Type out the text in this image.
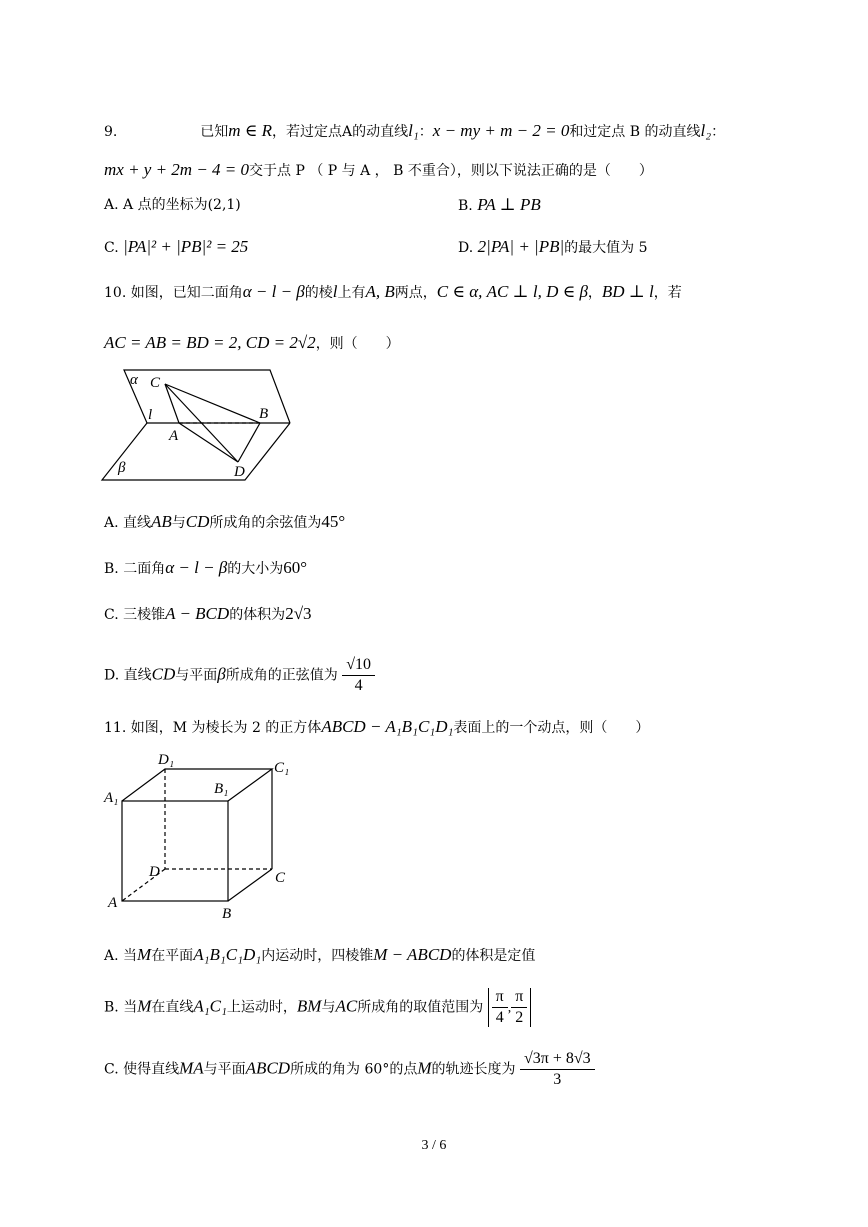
9.	已知m ∈ R，若过定点A的动直线l₁：x − my + m − 2 = 0和过定点 B 的动直线l₂：
mx + y + 2m − 4 = 0交于点 P （ P 与 A ， B 不重合），则以下说法正确的是（　　）
A. A 点的坐标为(2,1)	B. PA ⊥ PB
C. |PA|² + |PB|² = 25	D. 2|PA| + |PB|的最大值为 5
10. 如图，已知二面角α − l − β的棱l上有A, B两点，C ∈ α, AC ⊥ l, D ∈ β，BD ⊥ l，若
AC = AB = BD = 2, CD = 2√2，则（　　）
α C
l	B
A
β	D
A. 直线AB与CD所成角的余弦值为45°
B. 二面角α − l − β的大小为60°
C. 三棱锥A − BCD的体积为2√3
D. 直线CD与平面β所成角的正弦值为 $\frac{√10}{4}$
11. 如图，M 为棱长为 2 的正方体ABCD − A₁B₁C₁D₁表面上的一个动点，则（　　）
D₁	C₁
A₁
B₁
D	C
A
B
A. 当M在平面A₁B₁C₁D₁内运动时，四棱锥M − ABCD的体积是定值
B. 当M在直线A₁C₁上运动时，BM与AC所成角的取值范围为 $\frac{\pi}{4}$ , $\frac{\pi}{2}$
C. 使得直线MA与平面ABCD所成的角为 60°的点M的轨迹长度为 $\frac{√3\pi + 8√3}{3}$
3 / 6
